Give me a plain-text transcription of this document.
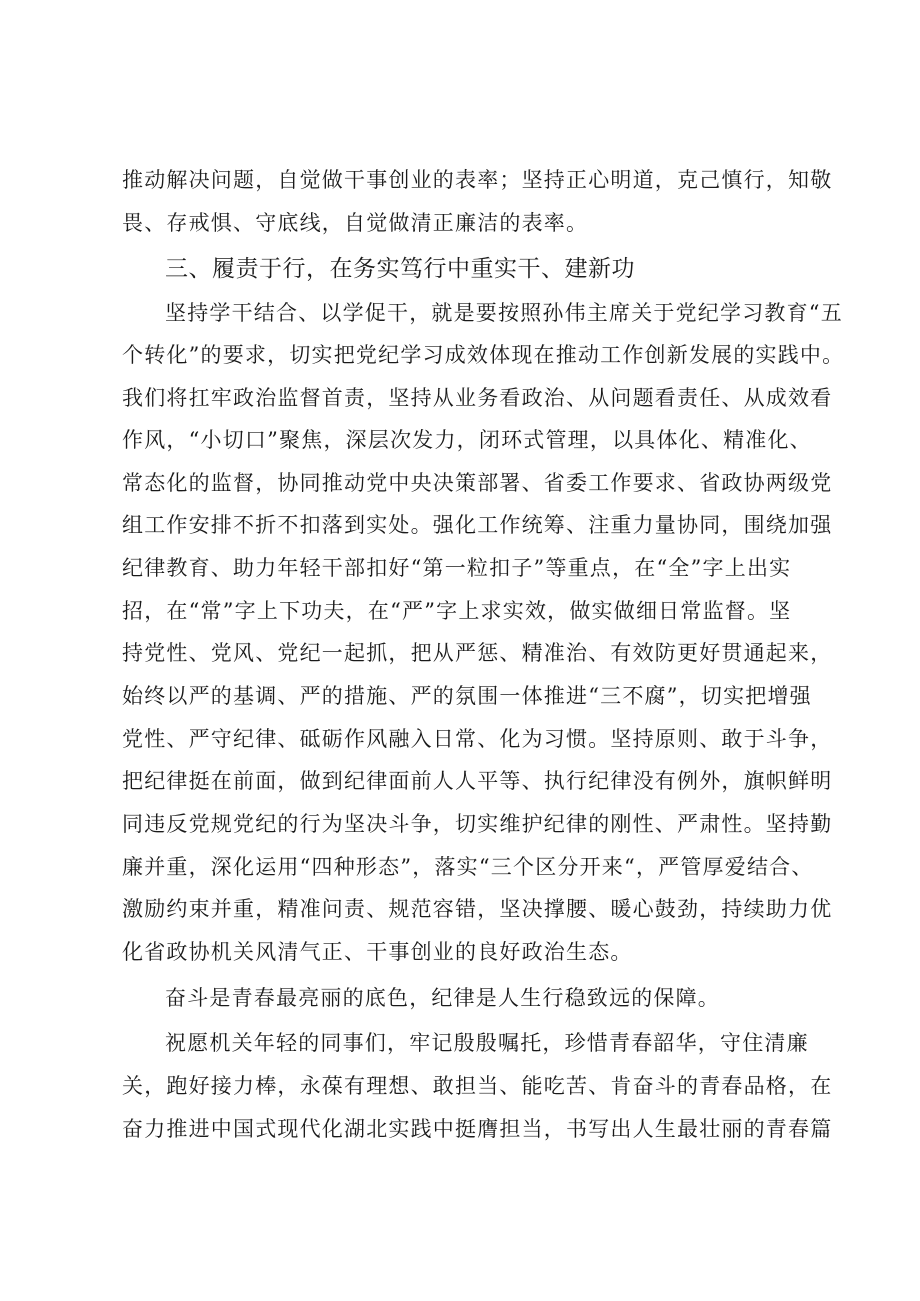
推动解决问题，自觉做干事创业的表率；坚持正心明道，克己慎行，知敬
畏、存戒惧、守底线，自觉做清正廉洁的表率。
三、履责于行，在务实笃行中重实干、建新功
坚持学干结合、以学促干，就是要按照孙伟主席关于党纪学习教育“五
个转化”的要求，切实把党纪学习成效体现在推动工作创新发展的实践中。
我们将扛牢政治监督首责，坚持从业务看政治、从问题看责任、从成效看
作风，“小切口”聚焦，深层次发力，闭环式管理，以具体化、精准化、
常态化的监督，协同推动党中央决策部署、省委工作要求、省政协两级党
组工作安排不折不扣落到实处。强化工作统筹、注重力量协同，围绕加强
纪律教育、助力年轻干部扣好“第一粒扣子”等重点，在“全”字上出实
招，在“常”字上下功夫，在“严”字上求实效，做实做细日常监督。坚
持党性、党风、党纪一起抓，把从严惩、精准治、有效防更好贯通起来，
始终以严的基调、严的措施、严的氛围一体推进“三不腐”，切实把增强
党性、严守纪律、砥砺作风融入日常、化为习惯。坚持原则、敢于斗争，
把纪律挺在前面，做到纪律面前人人平等、执行纪律没有例外，旗帜鲜明
同违反党规党纪的行为坚决斗争，切实维护纪律的刚性、严肃性。坚持勤
廉并重，深化运用“四种形态”，落实“三个区分开来“，严管厚爱结合、
激励约束并重，精准问责、规范容错，坚决撑腰、暖心鼓劲，持续助力优
化省政协机关风清气正、干事创业的良好政治生态。
奋斗是青春最亮丽的底色，纪律是人生行稳致远的保障。
祝愿机关年轻的同事们，牢记殷殷嘱托，珍惜青春韶华，守住清廉
关，跑好接力棒，永葆有理想、敢担当、能吃苦、肯奋斗的青春品格，在
奋力推进中国式现代化湖北实践中挺膺担当，书写出人生最壮丽的青春篇
